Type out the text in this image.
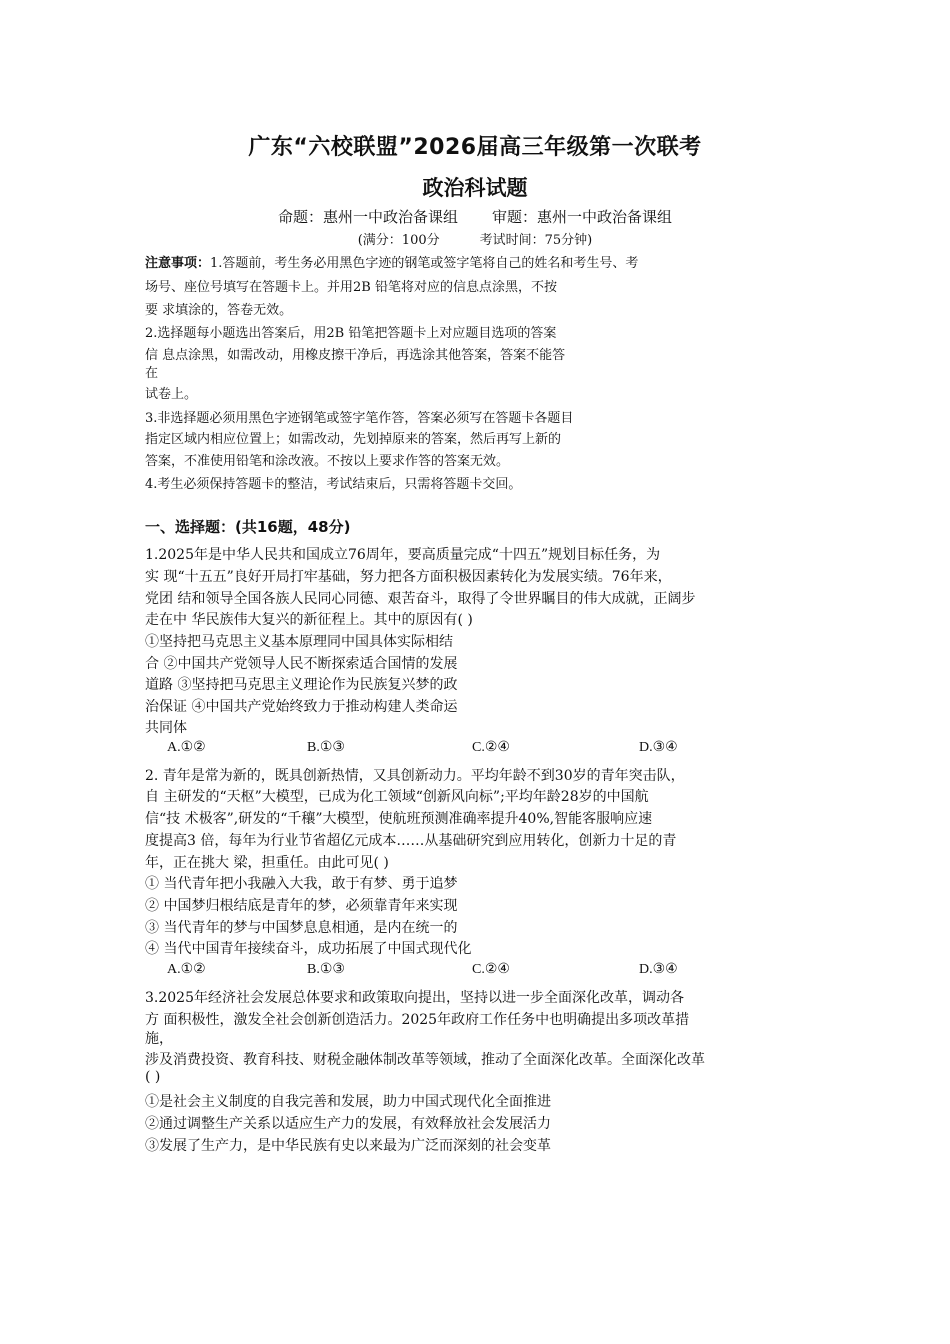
广东“六校联盟”2026届高三年级第一次联考
政治科试题
命题：惠州一中政治备课组 审题：惠州一中政治备课组
(满分：100分	考试时间：75分钟)
注意事项：1.答题前，考生务必用黑色字迹的钢笔或签字笔将自己的姓名和考生号、考
场号、座位号填写在答题卡上。并用2B 铅笔将对应的信息点涂黑，不按
要 求填涂的，答卷无效。
2.选择题每小题选出答案后，用2B 铅笔把答题卡上对应题目选项的答案
信 息点涂黑，如需改动，用橡皮擦干净后，再选涂其他答案，答案不能答
在
试卷上。
3.非选择题必须用黑色字迹钢笔或签字笔作答，答案必须写在答题卡各题目
指定区域内相应位置上；如需改动，先划掉原来的答案，然后再写上新的
答案，不准使用铅笔和涂改液。不按以上要求作答的答案无效。
4.考生必须保持答题卡的整洁，考试结束后，只需将答题卡交回。
一、选择题：(共16题，48分)
1.2025年是中华人民共和国成立76周年，要高质量完成“十四五”规划目标任务，为
实 现“十五五”良好开局打牢基础，努力把各方面积极因素转化为发展实绩。76年来，
党团 结和领导全国各族人民同心同德、艰苦奋斗，取得了令世界瞩目的伟大成就，正阔步
走在中 华民族伟大复兴的新征程上。其中的原因有( )
①坚持把马克思主义基本原理同中国具体实际相结
合 ②中国共产党领导人民不断探索适合国情的发展
道路 ③坚持把马克思主义理论作为民族复兴梦的政
治保证 ④中国共产党始终致力于推动构建人类命运
共同体
A.①②	B.①③	C.②④	D.③④
2. 青年是常为新的，既具创新热情，又具创新动力。平均年龄不到30岁的青年突击队，
自 主研发的“天枢”大模型，已成为化工领域“创新风向标”;平均年龄28岁的中国航
信“技 术极客”,研发的“千穰”大模型，使航班预测准确率提升40%,智能客服响应速
度提高3 倍，每年为行业节省超亿元成本……从基础研究到应用转化，创新力十足的青
年，正在挑大 梁，担重任。由此可见( )
① 当代青年把小我融入大我，敢于有梦、勇于追梦
② 中国梦归根结底是青年的梦，必须靠青年来实现
③ 当代青年的梦与中国梦息息相通，是内在统一的
④ 当代中国青年接续奋斗，成功拓展了中国式现代化
A.①②	B.①③	C.②④	D.③④
3.2025年经济社会发展总体要求和政策取向提出，坚持以进一步全面深化改革，调动各
方 面积极性，激发全社会创新创造活力。2025年政府工作任务中也明确提出多项改革措
施，
涉及消费投资、教育科技、财税金融体制改革等领域，推动了全面深化改革。全面深化改革
( )
①是社会主义制度的自我完善和发展，助力中国式现代化全面推进
②通过调整生产关系以适应生产力的发展，有效释放社会发展活力
③发展了生产力，是中华民族有史以来最为广泛而深刻的社会变革
